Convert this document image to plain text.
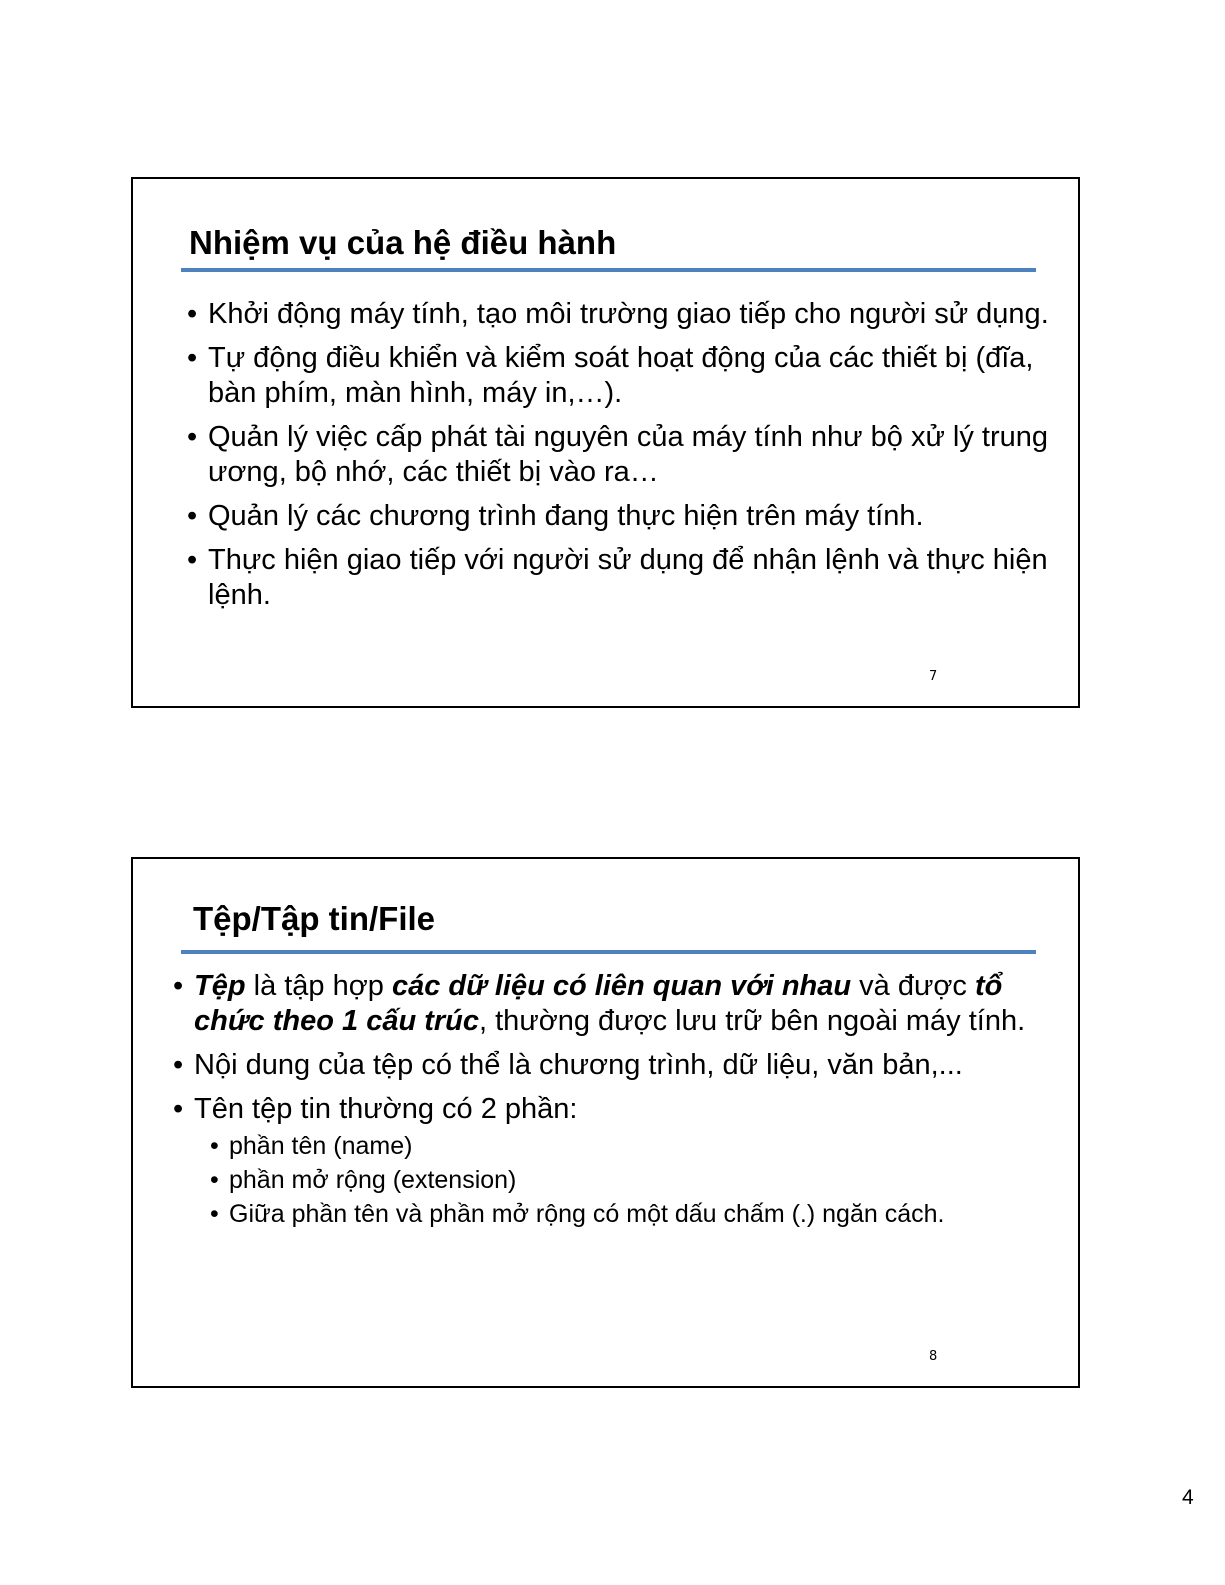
Nhiệm vụ của hệ điều hành
• Khởi động máy tính, tạo môi trường giao tiếp cho người sử dụng.
• Tự động điều khiển và kiểm soát hoạt động của các thiết bị (đĩa, bàn phím, màn hình, máy in,…).
• Quản lý việc cấp phát tài nguyên của máy tính như bộ xử lý trung ương, bộ nhớ, các thiết bị vào ra…
• Quản lý các chương trình đang thực hiện trên máy tính.
• Thực hiện giao tiếp với người sử dụng để nhận lệnh và thực hiện lệnh.
7
Tệp/Tập tin/File
• Tệp là tập hợp các dữ liệu có liên quan với nhau và được tổ chức theo 1 cấu trúc, thường được lưu trữ bên ngoài máy tính.
• Nội dung của tệp có thể là chương trình, dữ liệu, văn bản,...
• Tên tệp tin thường có 2 phần:
• phần tên (name)
• phần mở rộng (extension)
• Giữa phần tên và phần mở rộng có một dấu chấm (.) ngăn cách.
8
4
